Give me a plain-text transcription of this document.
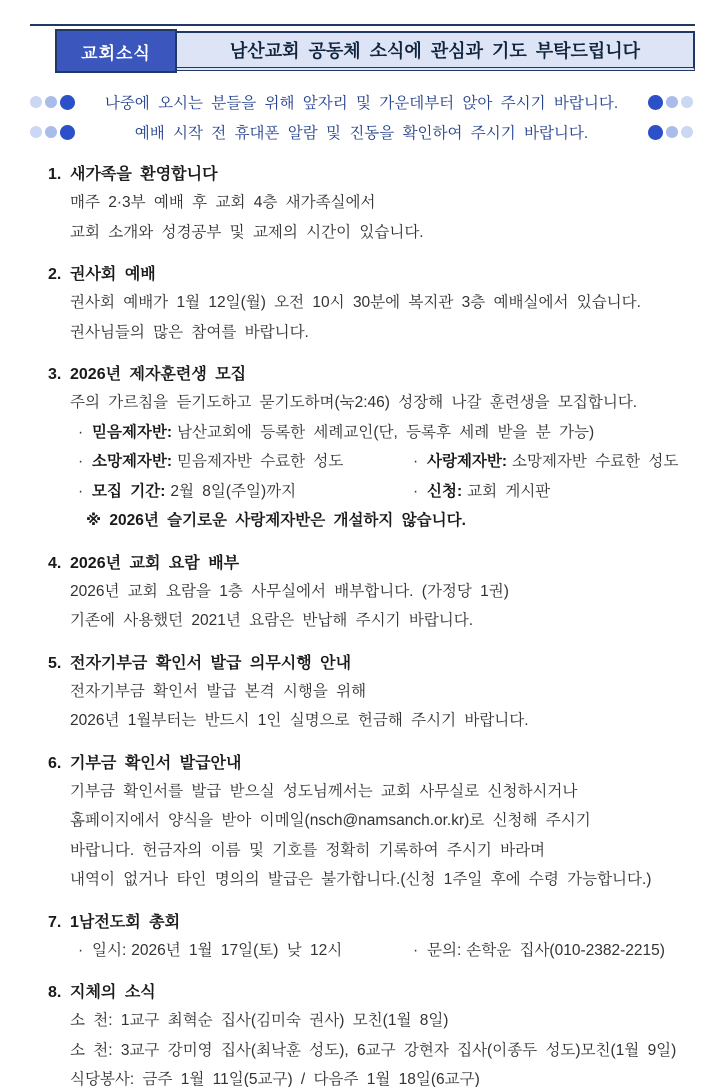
교회소식	남산교회 공동체 소식에 관심과 기도 부탁드립니다
나중에 오시는 분들을 위해 앞자리 및 가운데부터 앉아 주시기 바랍니다.
예배 시작 전 휴대폰 알람 및 진동을 확인하여 주시기 바랍니다.
1. 새가족을 환영합니다
매주 2·3부 예배 후 교회 4층 새가족실에서
교회 소개와 성경공부 및 교제의 시간이 있습니다.
2. 권사회 예배
권사회 예배가 1월 12일(월) 오전 10시 30분에 복지관 3층 예배실에서 있습니다.
권사님들의 많은 참여를 바랍니다.
3. 2026년 제자훈련생 모집
주의 가르침을 듣기도하고 묻기도하며(눅2:46) 성장해 나갈 훈련생을 모집합니다.
· 믿음제자반: 남산교회에 등록한 세례교인(단, 등록후 세례 받을 분 가능)
· 소망제자반: 믿음제자반 수료한 성도	· 사랑제자반: 소망제자반 수료한 성도
· 모집 기간: 2월 8일(주일)까지	· 신청: 교회 게시판
※ 2026년 슬기로운 사랑제자반은 개설하지 않습니다.
4. 2026년 교회 요람 배부
2026년 교회 요람을 1층 사무실에서 배부합니다. (가정당 1권)
기존에 사용했던 2021년 요람은 반납해 주시기 바랍니다.
5. 전자기부금 확인서 발급 의무시행 안내
전자기부금 확인서 발급 본격 시행을 위해
2026년 1월부터는 반드시 1인 실명으로 헌금해 주시기 바랍니다.
6. 기부금 확인서 발급안내
기부금 확인서를 발급 받으실 성도님께서는 교회 사무실로 신청하시거나
홈페이지에서 양식을 받아 이메일(nsch@namsanch.or.kr)로 신청해 주시기
바랍니다. 헌금자의 이름 및 기호를 정확히 기록하여 주시기 바라며
내역이 없거나 타인 명의의 발급은 불가합니다.(신청 1주일 후에 수령 가능합니다.)
7. 1남전도회 총회
· 일시: 2026년 1월 17일(토) 낮 12시	· 문의: 손학운 집사(010-2382-2215)
8. 지체의 소식
소 천: 1교구 최혁순 집사(김미숙 권사) 모친(1월 8일)
소 천: 3교구 강미영 집사(최낙훈 성도), 6교구 강현자 집사(이종두 성도)모친(1월 9일)
식당봉사: 금주 1월 11일(5교구) / 다음주 1월 18일(6교구)
